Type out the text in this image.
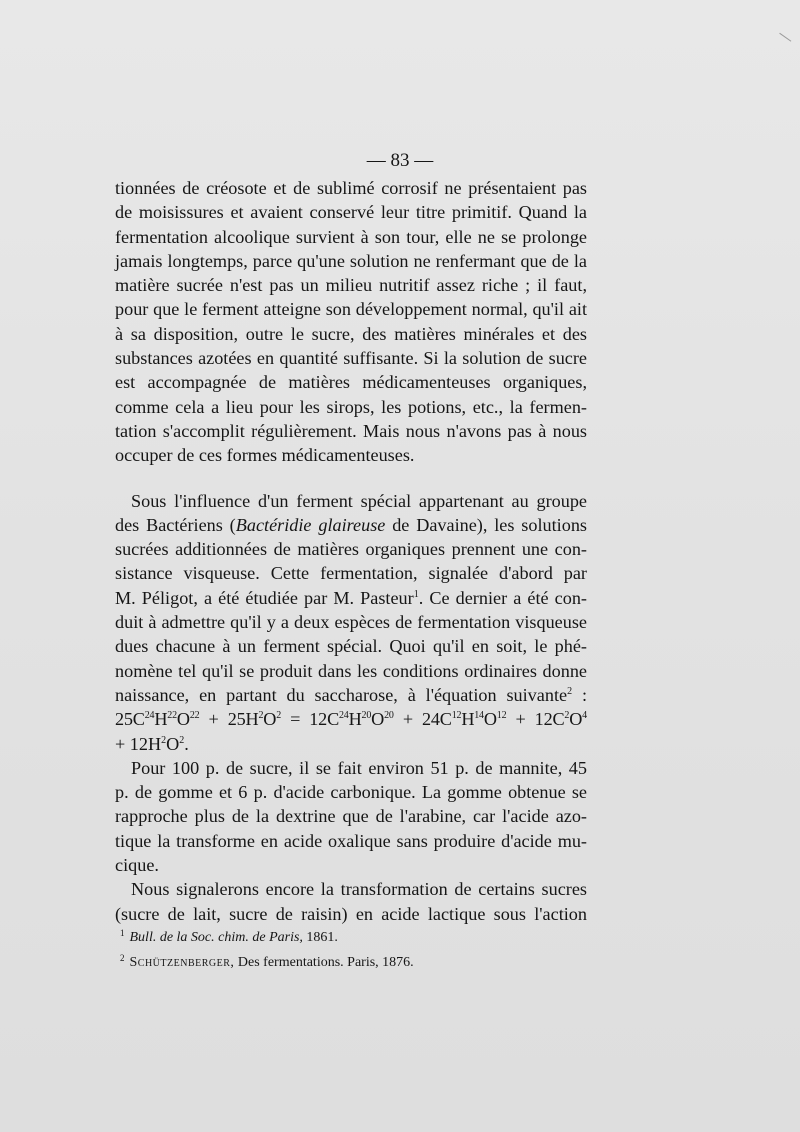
— 83 —

tionnées de créosote et de sublimé corrosif ne présentaient pas

de moisissures et avaient conservé leur titre primitif. Quand la

fermentation alcoolique survient à son tour, elle ne se prolonge

jamais longtemps, parce qu'une solution ne renfermant que de la

matière sucrée n'est pas un milieu nutritif assez riche ; il faut,

pour que le ferment atteigne son développement normal, qu'il ait

à sa disposition, outre le sucre, des matières minérales et des

substances azotées en quantité suffisante. Si la solution de sucre

est accompagnée de matières médicamenteuses organiques,

comme cela a lieu pour les sirops, les potions, etc., la fermen-

tation s'accomplit régulièrement. Mais nous n'avons pas à nous

occuper de ces formes médicamenteuses.

Sous l'influence d'un ferment spécial appartenant au groupe

des Bactériens (Bactéridie glaireuse de Davaine), les solutions

sucrées additionnées de matières organiques prennent une con-

sistance visqueuse. Cette fermentation, signalée d'abord par

M. Péligot, a été étudiée par M. Pasteur$^1$. Ce dernier a été con-

duit à admettre qu'il y a deux espèces de fermentation visqueuse

dues chacune à un ferment spécial. Quoi qu'il en soit, le phé-

nomène tel qu'il se produit dans les conditions ordinaires donne

naissance, en partant du saccharose, à l'équation suivante$^2$ :

$25C^{24}H^{22}O^{22} + 25H^2O^2 = 12C^{24}H^{20}O^{20} + 24C^{12}H^{14}O^{12} + 12C^2O^4$

+ $12H^2O^2$.

Pour 100 p. de sucre, il se fait environ 51 p. de mannite, 45

p. de gomme et 6 p. d'acide carbonique. La gomme obtenue se

rapproche plus de la dextrine que de l'arabine, car l'acide azo-

tique la transforme en acide oxalique sans produire d'acide mu-

cique.

Nous signalerons encore la transformation de certains sucres

(sucre de lait, sucre de raisin) en acide lactique sous l'action

$^1$ Bull. de la Soc. chim. de Paris, 1861.

$^2$ Schützenberger, Des fermentations. Paris, 1876.
